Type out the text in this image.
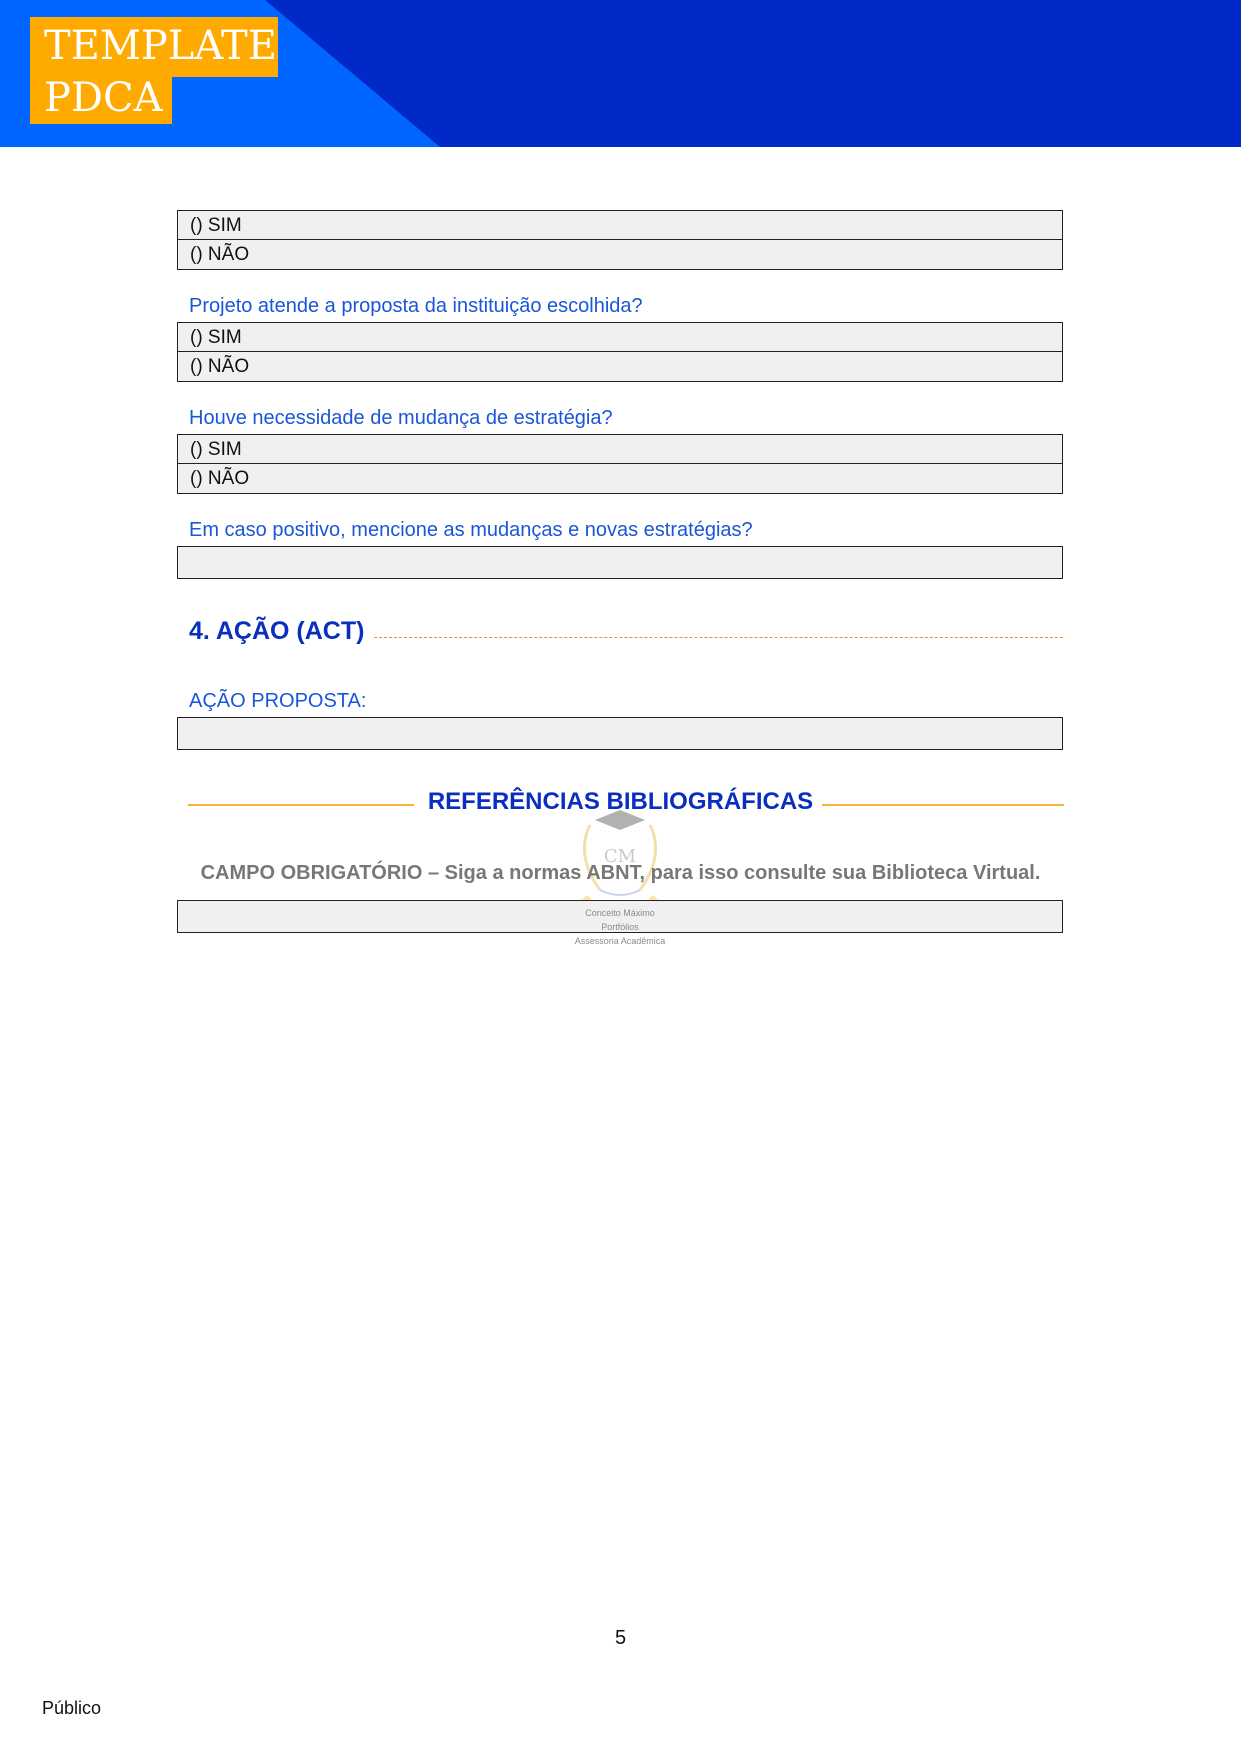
TEMPLATE
PDCA
() SIM
() NÃO
Projeto atende a proposta da instituição escolhida?
() SIM
() NÃO
Houve necessidade de mudança de estratégia?
() SIM
() NÃO
Em caso positivo, mencione as mudanças e novas estratégias?
4. AÇÃO (ACT)
AÇÃO PROPOSTA:
REFERÊNCIAS BIBLIOGRÁFICAS
CM
CAMPO OBRIGATÓRIO – Siga a normas ABNT, para isso consulte sua Biblioteca Virtual.
Conceito Máximo
Portfólios
Assessoria Acadêmica
5
Público
